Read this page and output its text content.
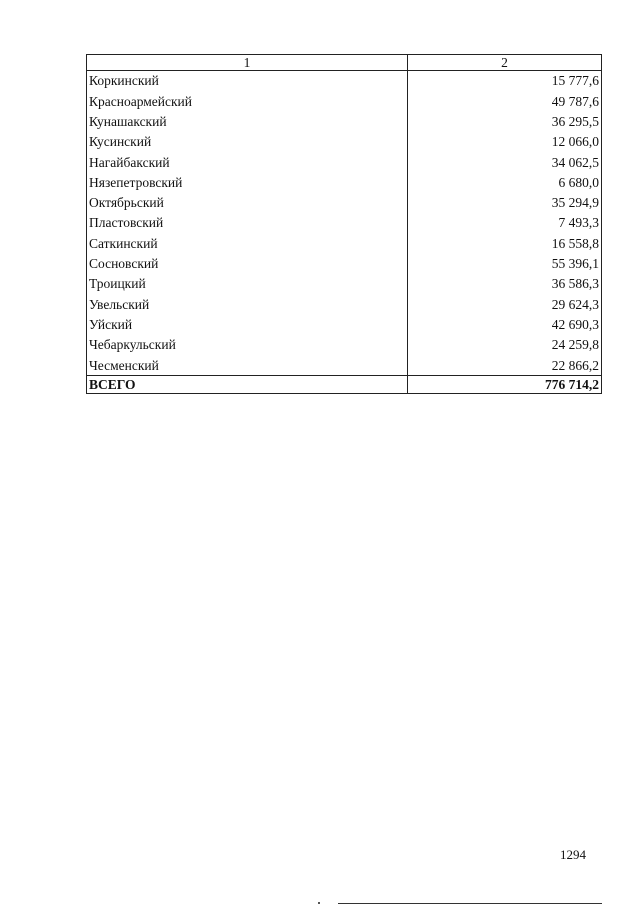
1	2
Коркинский	15 777,6
Красноармейский	49 787,6
Кунашакский	36 295,5
Кусинский	12 066,0
Нагайбакский	34 062,5
Нязепетровский	6 680,0
Октябрьский	35 294,9
Пластовский	7 493,3
Саткинский	16 558,8
Сосновский	55 396,1
Троицкий	36 586,3
Увельский	29 624,3
Уйский	42 690,3
Чебаркульский	24 259,8
Чесменский	22 866,2
ВСЕГО	776 714,2
1294
